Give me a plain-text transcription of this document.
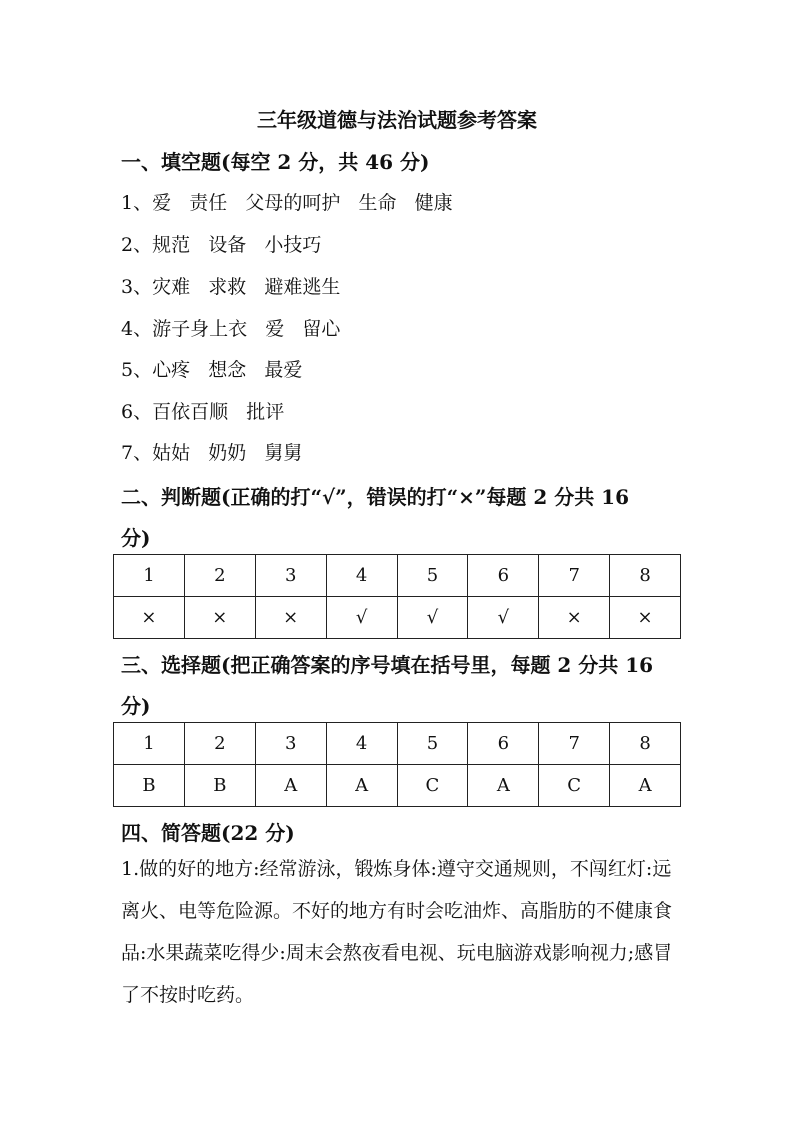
三年级道德与法治试题参考答案
一、填空题(每空 2 分，共 46 分)
1、爱   责任   父母的呵护   生命   健康
2、规范   设备   小技巧
3、灾难   求救   避难逃生
4、游子身上衣   爱   留心
5、心疼   想念   最爱
6、百依百顺   批评
7、姑姑   奶奶   舅舅
二、判断题(正确的打“√”，错误的打“×”每题 2 分共 16
分)
1	2	3	4	5	6	7	8
×	×	×	√	√	√	×	×
三、选择题(把正确答案的序号填在括号里，每题 2 分共 16
分)
1	2	3	4	5	6	7	8
B	B	A	A	C	A	C	A
四、简答题(22 分)
1.做的好的地方:经常游泳，锻炼身体:遵守交通规则，不闯红灯:远离火、电等危险源。不好的地方有时会吃油炸、高脂肪的不健康食品:水果蔬菜吃得少:周末会熬夜看电视、玩电脑游戏影响视力;感冒了不按时吃药。
